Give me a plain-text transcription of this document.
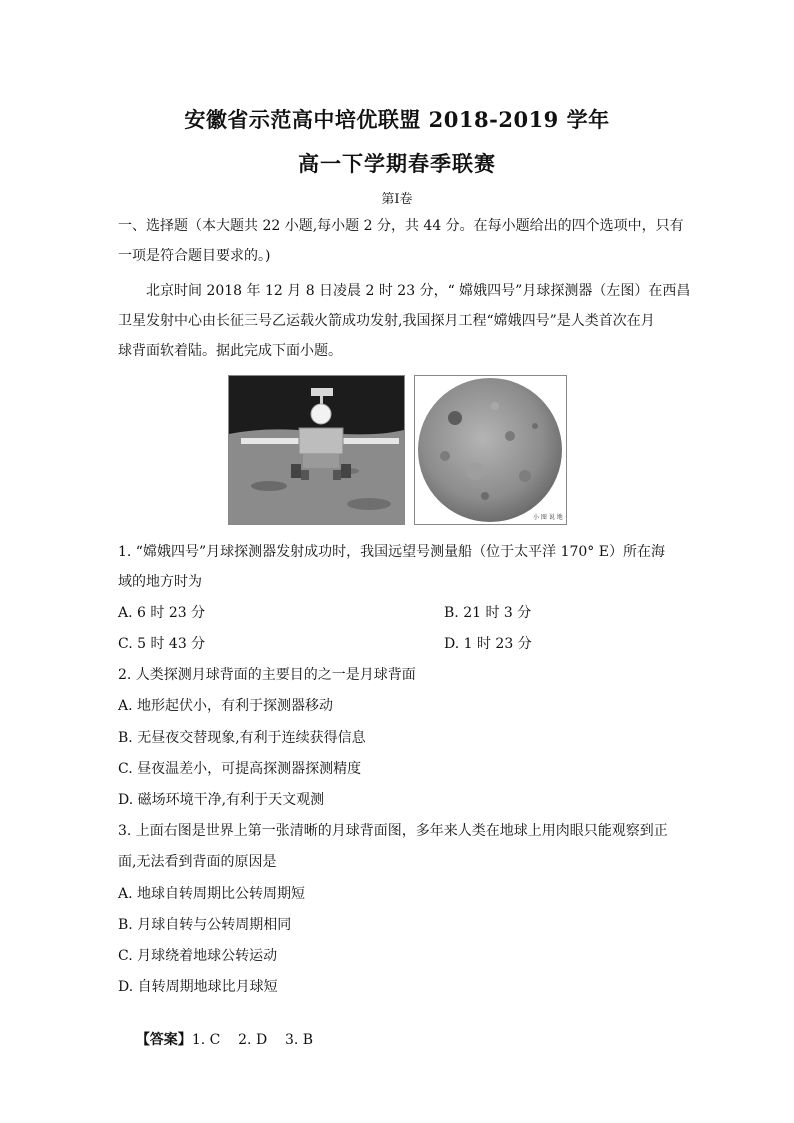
安徽省示范高中培优联盟 2018-2019 学年
高一下学期春季联赛
第Ⅰ卷
一、选择题（本大题共 22 小题,每小题 2 分，共 44 分。在每小题给出的四个选项中，只有
一项是符合题目要求的。)
北京时间 2018 年 12 月 8 日凌晨 2 时 23 分，“ 嫦娥四号”月球探测器（左图）在西昌
卫星发射中心由长征三号乙运载火箭成功发射,我国探月工程“嫦娥四号”是人类首次在月
球背面软着陆。据此完成下面小题。
小 图 说 地
1. “嫦娥四号”月球探测器发射成功时，我国远望号测量船（位于太平洋 170° E）所在海
域的地方时为
A. 6 时 23 分	B. 21 时 3 分
C. 5 时 43 分	D. 1 时 23 分
2. 人类探测月球背面的主要目的之一是月球背面
A. 地形起伏小，有利于探测器移动
B. 无昼夜交替现象,有利于连续获得信息
C. 昼夜温差小，可提高探测器探测精度
D. 磁场环境干净,有利于天文观测
3. 上面右图是世界上第一张清晰的月球背面图，多年来人类在地球上用肉眼只能观察到正
面,无法看到背面的原因是
A. 地球自转周期比公转周期短
B. 月球自转与公转周期相同
C. 月球绕着地球公转运动
D. 自转周期地球比月球短

【答案】1. C    2. D    3. B
